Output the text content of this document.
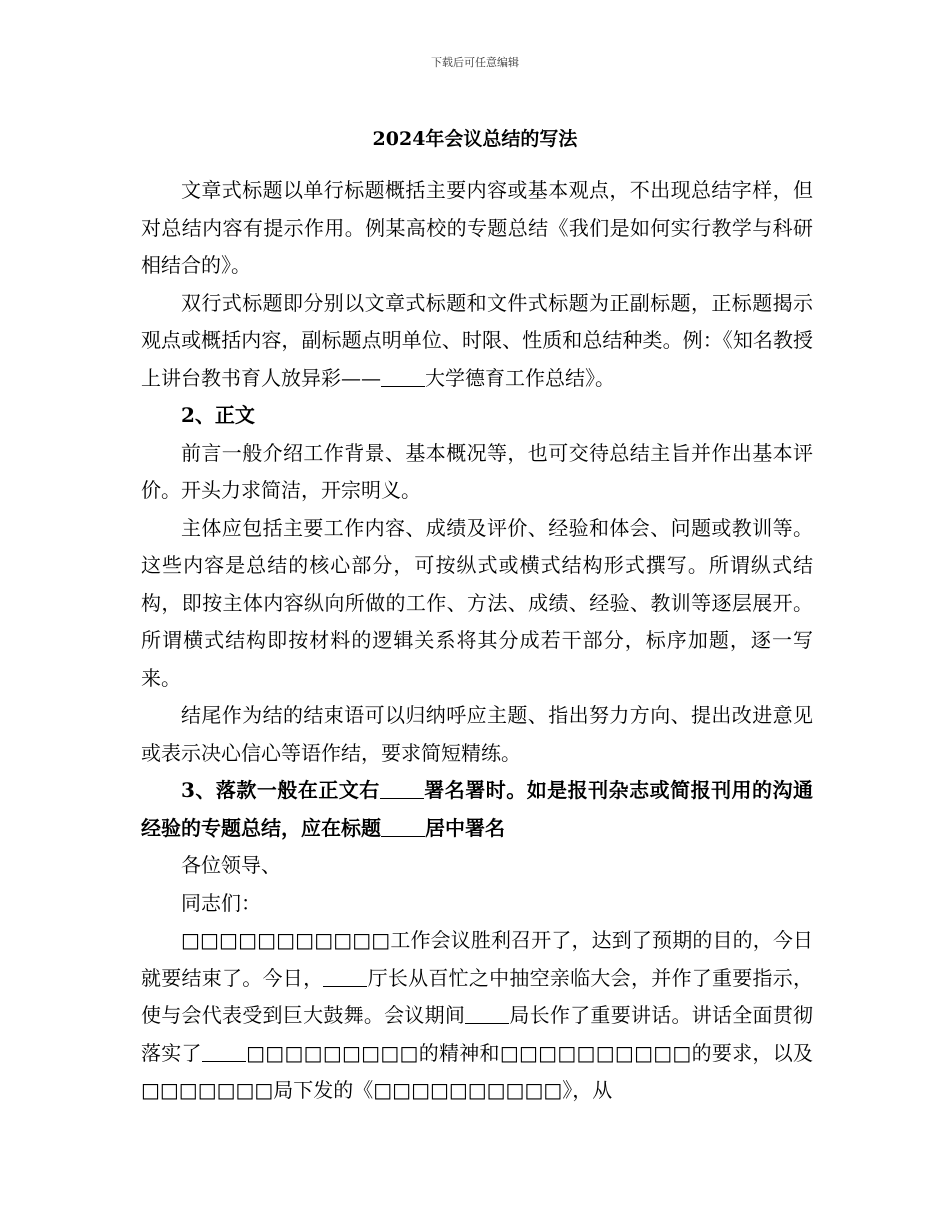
下载后可任意编辑
2024年会议总结的写法

文章式标题以单行标题概括主要内容或基本观点，不出现总结字样，但对总结内容有提示作用。例某高校的专题总结《我们是如何实行教学与科研相结合的》。

双行式标题即分别以文章式标题和文件式标题为正副标题，正标题揭示观点或概括内容，副标题点明单位、时限、性质和总结种类。例：《知名教授上讲台教书育人放异彩—— 大学德育工作总结》。

2、正文

前言一般介绍工作背景、基本概况等，也可交待总结主旨并作出基本评价。开头力求简洁，开宗明义。

主体应包括主要工作内容、成绩及评价、经验和体会、问题或教训等。这些内容是总结的核心部分，可按纵式或横式结构形式撰写。所谓纵式结构，即按主体内容纵向所做的工作、方法、成绩、经验、教训等逐层展开。所谓横式结构即按材料的逻辑关系将其分成若干部分，标序加题，逐一写来。

结尾作为结的结束语可以归纳呼应主题、指出努力方向、提出改进意见或表示决心信心等语作结，要求简短精练。

3、落款一般在正文右 署名署时。如是报刊杂志或简报刊用的沟通经验的专题总结，应在标题 居中署名

各位领导、

同志们：

□□□□□□□□□□□工作会议胜利召开了，达到了预期的目的，今日就要结束了。今日， 厅长从百忙之中抽空亲临大会，并作了重要指示，使与会代表受到巨大鼓舞。会议期间 局长作了重要讲话。讲话全面贯彻落实了 □□□□□□□□□的精神和□□□□□□□□□□的要求，以及□□□□□□□局下发的《□□□□□□□□□□》，从
